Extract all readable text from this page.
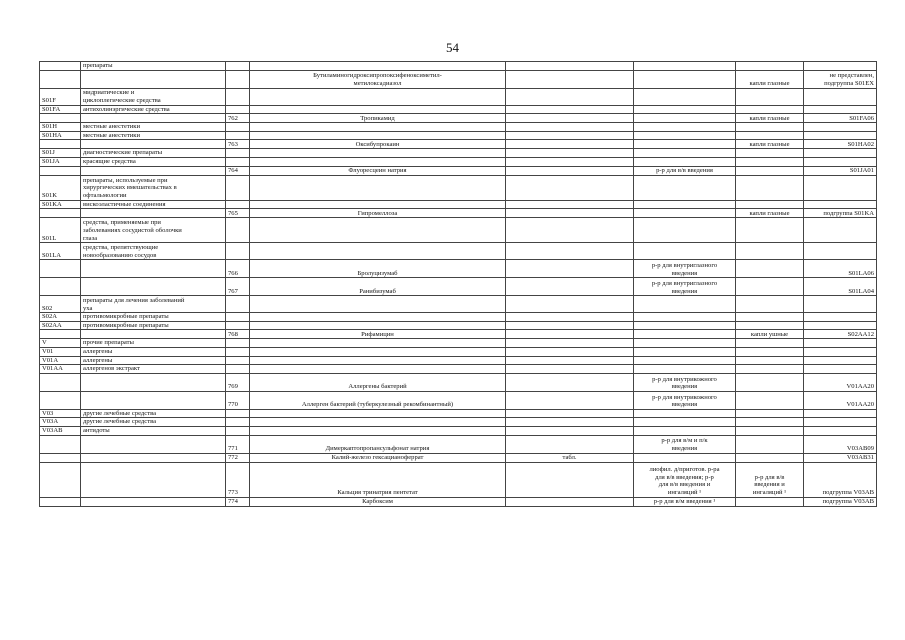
54
	препараты							
			Бутиламиногидроксипропоксифеноксиметил-
метилоксадиазол				капли глазные	не представлен,
подгруппа S01EX
S01F	мидриатические и
циклоплегические средства							
S01FA	антихолинэргические средства							
		762	Тропикамид				капли глазные	S01FA06
S01H	местные анестетики							
S01HA	местные анестетики							
		763	Оксибупрокаин				капли глазные	S01HA02
S01J	диагностические препараты							
S01JA	красящие средства							
		764	Флуоресцеин натрия		р-р для в/в введения			S01JA01
S01K	препараты, используемые при
хирургических вмешательствах в
офтальмологии							
S01KA	вискоэластичные соединения							
		765	Гипромеллоза				капли глазные	подгруппа S01KA
S01L	средства, применяемые при
заболеваниях сосудистой оболочки
глаза							
S01LA	средства, препятствующие
новообразованию сосудов							
		766	Бролуцизумаб		р-р для внутриглазного
введения			S01LA06
		767	Ранибизумаб		р-р для внутриглазного
введения			S01LA04
S02	препараты для лечения заболеваний
уха							
S02A	противомикробные препараты							
S02AA	противомикробные препараты							
		768	Рифамицин				капли ушные	S02AA12
V	прочие препараты							
V01	аллергены							
V01A	аллергены							
V01AA	аллергенов экстракт							
		769	Аллергены бактерий		р-р для внутрикожного
введения			V01AA20
		770	Аллерген бактерий (туберкулезный рекомбинантный)		р-р для внутрикожного
введения			V01AA20
V03	другие лечебные средства							
V03A	другие лечебные средства							
V03AB	антидоты							
		771	Димеркаптопропансульфонат натрия		р-р для в/м и п/к
введения			V03AB09
		772	Калий-железо гексацианоферрат	табл.				V03AB31
		773	Кальция тринатрия пентетат		лиофил. д/приготов. р-ра
для в/в введения; р-р
для в/в введения и
ингаляций ¹		р-р для в/в
введения и
ингаляций ¹	подгруппа V03AB
		774	Карбоксим		р-р для в/м введения ¹			подгруппа V03AB
